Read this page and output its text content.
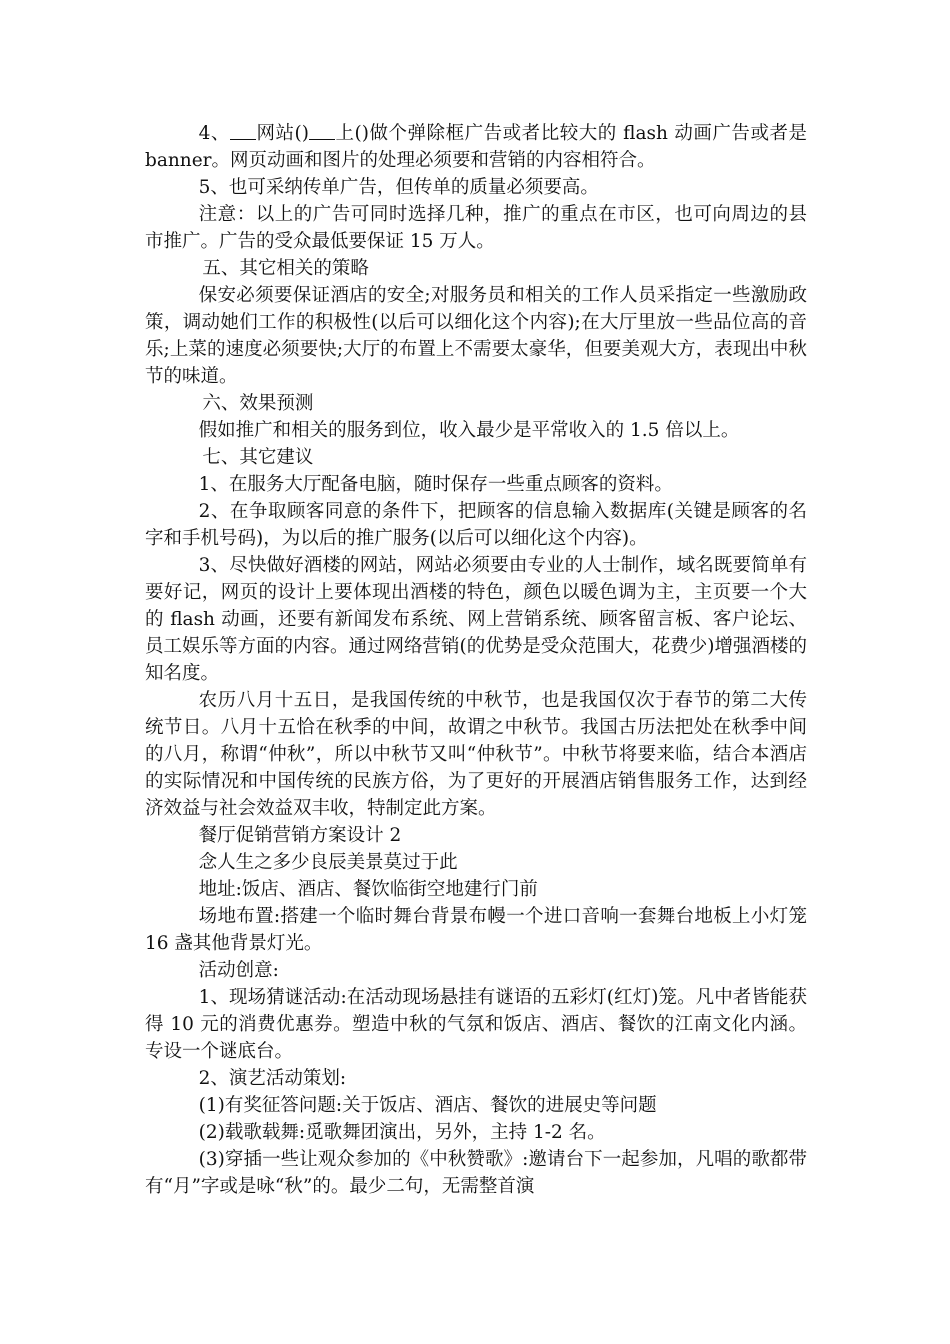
4、 网站() 上()做个弹除框广告或者比较大的 flash 动画广告或者是 banner。网页动画和图片的处理必须要和营销的内容相符合。

5、也可采纳传单广告，但传单的质量必须要高。

注意：以上的广告可同时选择几种，推广的重点在市区，也可向周边的县市推广。广告的受众最低要保证 15 万人。

五、其它相关的策略

保安必须要保证酒店的安全;对服务员和相关的工作人员采指定一些激励政策，调动她们工作的积极性(以后可以细化这个内容);在大厅里放一些品位高的音乐;上菜的速度必须要快;大厅的布置上不需要太豪华，但要美观大方，表现出中秋节的味道。

六、效果预测

假如推广和相关的服务到位，收入最少是平常收入的 1.5 倍以上。

七、其它建议

1、在服务大厅配备电脑，随时保存一些重点顾客的资料。

2、在争取顾客同意的条件下，把顾客的信息输入数据库(关键是顾客的名字和手机号码)，为以后的推广服务(以后可以细化这个内容)。

3、尽快做好酒楼的网站，网站必须要由专业的人士制作，域名既要简单有要好记，网页的设计上要体现出酒楼的特色，颜色以暖色调为主，主页要一个大的 flash 动画，还要有新闻发布系统、网上营销系统、顾客留言板、客户论坛、员工娱乐等方面的内容。通过网络营销(的优势是受众范围大，花费少)增强酒楼的知名度。

农历八月十五日，是我国传统的中秋节，也是我国仅次于春节的第二大传统节日。八月十五恰在秋季的中间，故谓之中秋节。我国古历法把处在秋季中间的八月，称谓“仲秋”，所以中秋节又叫“仲秋节”。中秋节将要来临，结合本酒店的实际情况和中国传统的民族方俗，为了更好的开展酒店销售服务工作，达到经济效益与社会效益双丰收，特制定此方案。

餐厅促销营销方案设计 2

念人生之多少良辰美景莫过于此

地址:饭店、酒店、餐饮临街空地建行门前

场地布置:搭建一个临时舞台背景布幔一个进口音响一套舞台地板上小灯笼 16 盏其他背景灯光。

活动创意:

1、现场猜谜活动:在活动现场悬挂有谜语的五彩灯(红灯)笼。凡中者皆能获得 10 元的消费优惠券。塑造中秋的气氛和饭店、酒店、餐饮的江南文化内涵。专设一个谜底台。

2、演艺活动策划:

(1)有奖征答问题:关于饭店、酒店、餐饮的进展史等问题

(2)载歌载舞:觅歌舞团演出，另外，主持 1-2 名。

(3)穿插一些让观众参加的《中秋赞歌》:邀请台下一起参加，凡唱的歌都带有“月”字或是咏“秋”的。最少二句，无需整首演
